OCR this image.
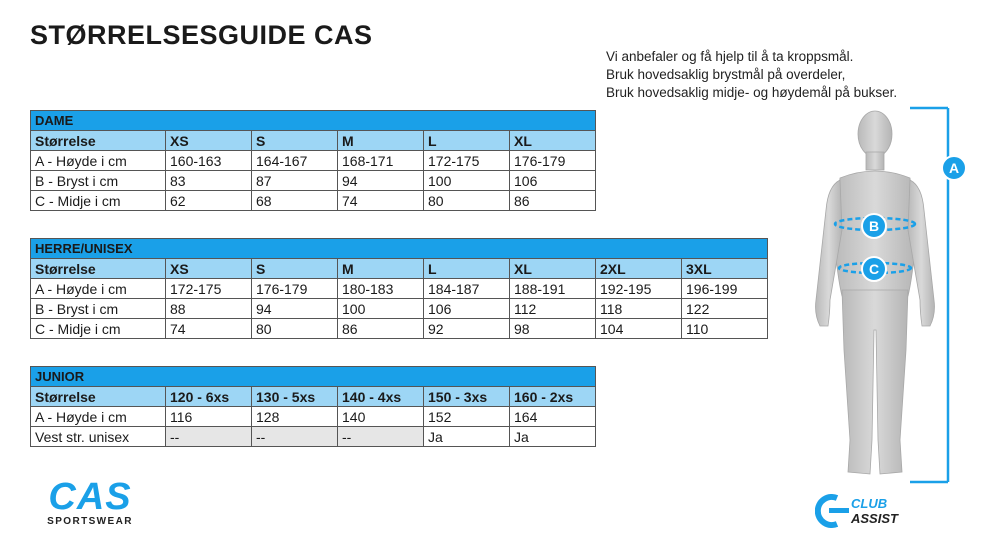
STØRRELSESGUIDE CAS
Vi anbefaler og få hjelp til å ta kroppsmål.
Bruk hovedsaklig brystmål på overdeler,
Bruk hovedsaklig midje- og høydemål på bukser.
DAME					
Størrelse	XS	S	M	L	XL
A - Høyde i cm	160-163	164-167	168-171	172-175	176-179
B - Bryst i cm	83	87	94	100	106
C - Midje i cm	62	68	74	80	86
HERRE/UNISEX							
Størrelse	XS	S	M	L	XL	2XL	3XL
A - Høyde i cm	172-175	176-179	180-183	184-187	188-191	192-195	196-199
B - Bryst i cm	88	94	100	106	112	118	122
C - Midje i cm	74	80	86	92	98	104	110
JUNIOR					
Størrelse	120 - 6xs	130 - 5xs	140 - 4xs	150 - 3xs	160 - 2xs
A - Høyde i cm	116	128	140	152	164
Vest str. unisex	--	--	--	Ja	Ja
A
B
C
CAS
SPORTSWEAR
CLUB
ASSIST
